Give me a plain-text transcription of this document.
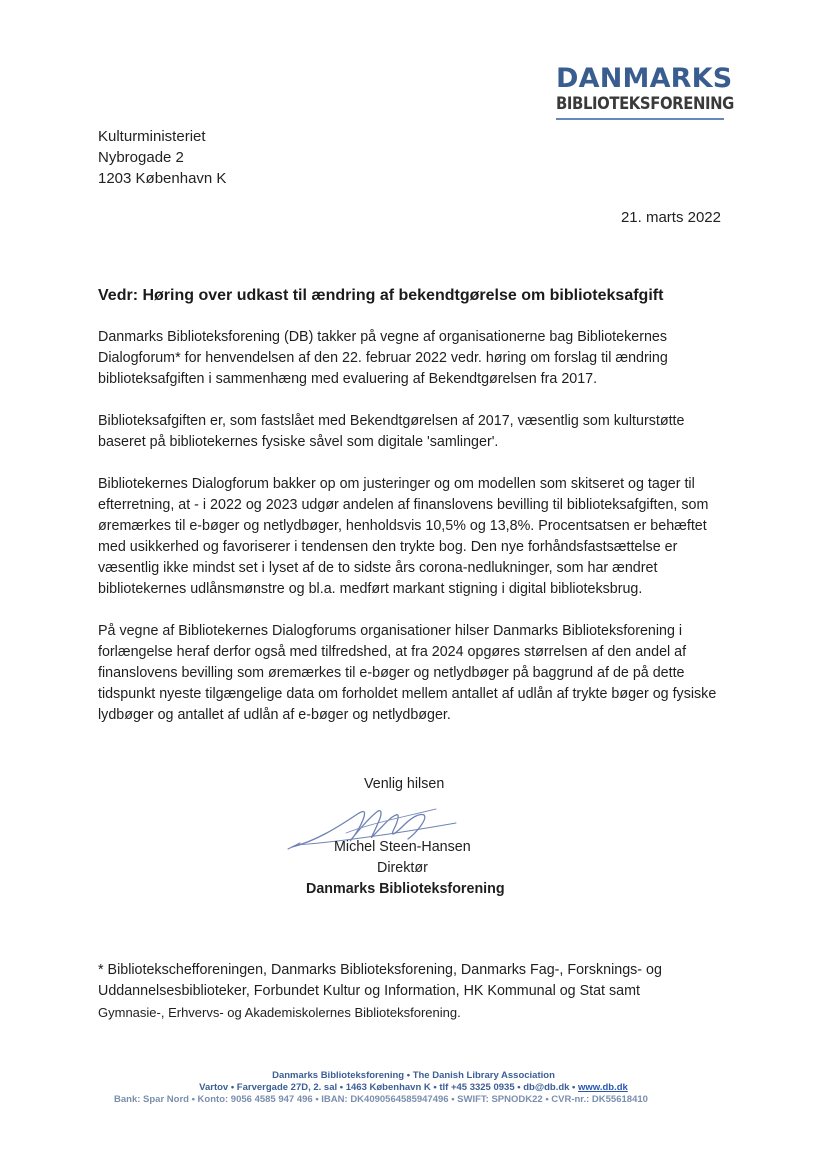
DANMARKS
BIBLIOTEKSFORENING
Kulturministeriet
Nybrogade 2
1203 København K
21. marts 2022
Vedr: Høring over udkast til ændring af bekendtgørelse om biblioteksafgift

Danmarks Biblioteksforening (DB) takker på vegne af organisationerne bag Bibliotekernes Dialogforum* for henvendelsen af den 22. februar 2022 vedr. høring om forslag til ændring biblioteksafgiften i sammenhæng med evaluering af Bekendtgørelsen fra 2017.

Biblioteksafgiften er, som fastslået med Bekendtgørelsen af 2017, væsentlig som kulturstøtte baseret på bibliotekernes fysiske såvel som digitale 'samlinger'.

Bibliotekernes Dialogforum bakker op om justeringer og om modellen som skitseret og tager til efterretning, at - i 2022 og 2023 udgør andelen af finanslovens bevilling til biblioteksafgiften, som øremærkes til e-bøger og netlydbøger, henholdsvis 10,5% og 13,8%. Procentsatsen er behæftet med usikkerhed og favoriserer i tendensen den trykte bog. Den nye forhåndsfastsættelse er væsentlig ikke mindst set i lyset af de to sidste års corona-nedlukninger, som har ændret bibliotekernes udlånsmønstre og bl.a. medført markant stigning i digital biblioteksbrug.

På vegne af Bibliotekernes Dialogforums organisationer hilser Danmarks Biblioteksforening i forlængelse heraf derfor også med tilfredshed, at fra 2024 opgøres størrelsen af den andel af finanslovens bevilling som øremærkes til e-bøger og netlydbøger på baggrund af de på dette tidspunkt nyeste tilgængelige data om forholdet mellem antallet af udlån af trykte bøger og fysiske lydbøger og antallet af udlån af e-bøger og netlydbøger.

Venlig hilsen
Michel Steen-Hansen
Direktør
Danmarks Biblioteksforening
* Bibliotekschefforeningen, Danmarks Biblioteksforening, Danmarks Fag-, Forsknings- og Uddannelsesbiblioteker, Forbundet Kultur og Information, HK Kommunal og Stat samt
Gymnasie-, Erhvervs- og Akademiskolernes Biblioteksforening.
Danmarks Biblioteksforening • The Danish Library Association
Vartov • Farvergade 27D, 2. sal • 1463 København K • tlf +45 3325 0935 • db@db.dk • www.db.dk
Bank: Spar Nord • Konto: 9056 4585 947 496 • IBAN: DK4090564585947496 • SWIFT: SPNODK22 • CVR-nr.: DK55618410
